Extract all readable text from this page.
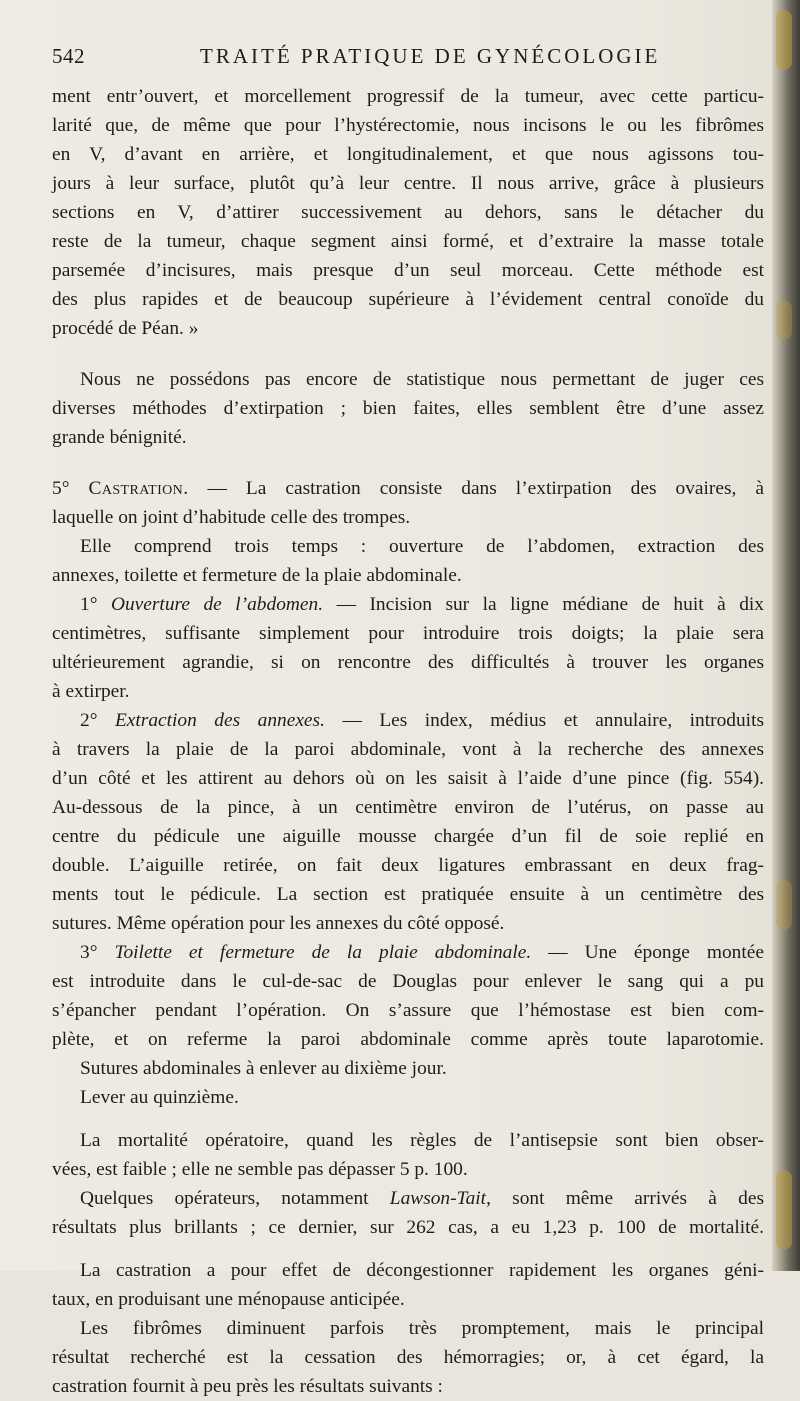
542	TRAITÉ PRATIQUE DE GYNÉCOLOGIE
ment entr’ouvert, et morcellement progressif de la tumeur, avec cette particu-
larité que, de même que pour l’hystérectomie, nous incisons le ou les fibrômes
en V, d’avant en arrière, et longitudinalement, et que nous agissons tou-
jours à leur surface, plutôt qu’à leur centre. Il nous arrive, grâce à plusieurs
sections en V, d’attirer successivement au dehors, sans le détacher du
reste de la tumeur, chaque segment ainsi formé, et d’extraire la masse totale
parsemée d’incisures, mais presque d’un seul morceau. Cette méthode est
des plus rapides et de beaucoup supérieure à l’évidement central conoïde du
procédé de Péan. »
Nous ne possédons pas encore de statistique nous permettant de juger ces
diverses méthodes d’extirpation ; bien faites, elles semblent être d’une assez
grande bénignité.
5° Castration. — La castration consiste dans l’extirpation des ovaires, à
laquelle on joint d’habitude celle des trompes.
Elle comprend trois temps : ouverture de l’abdomen, extraction des
annexes, toilette et fermeture de la plaie abdominale.
1° Ouverture de l’abdomen. — Incision sur la ligne médiane de huit à dix
centimètres, suffisante simplement pour introduire trois doigts; la plaie sera
ultérieurement agrandie, si on rencontre des difficultés à trouver les organes
à extirper.
2° Extraction des annexes. — Les index, médius et annulaire, introduits
à travers la plaie de la paroi abdominale, vont à la recherche des annexes
d’un côté et les attirent au dehors où on les saisit à l’aide d’une pince (fig. 554).
Au-dessous de la pince, à un centimètre environ de l’utérus, on passe au
centre du pédicule une aiguille mousse chargée d’un fil de soie replié en
double. L’aiguille retirée, on fait deux ligatures embrassant en deux frag-
ments tout le pédicule. La section est pratiquée ensuite à un centimètre des
sutures. Même opération pour les annexes du côté opposé.
3° Toilette et fermeture de la plaie abdominale. — Une éponge montée
est introduite dans le cul-de-sac de Douglas pour enlever le sang qui a pu
s’épancher pendant l’opération. On s’assure que l’hémostase est bien com-
plète, et on referme la paroi abdominale comme après toute laparotomie.
Sutures abdominales à enlever au dixième jour.
Lever au quinzième.
La mortalité opératoire, quand les règles de l’antisepsie sont bien obser-
vées, est faible ; elle ne semble pas dépasser 5 p. 100.
Quelques opérateurs, notamment Lawson-Tait, sont même arrivés à des
résultats plus brillants ; ce dernier, sur 262 cas, a eu 1,23 p. 100 de mortalité.
La castration a pour effet de décongestionner rapidement les organes géni-
taux, en produisant une ménopause anticipée.
Les fibrômes diminuent parfois très promptement, mais le principal
résultat recherché est la cessation des hémorragies; or, à cet égard, la
castration fournit à peu près les résultats suivants :
